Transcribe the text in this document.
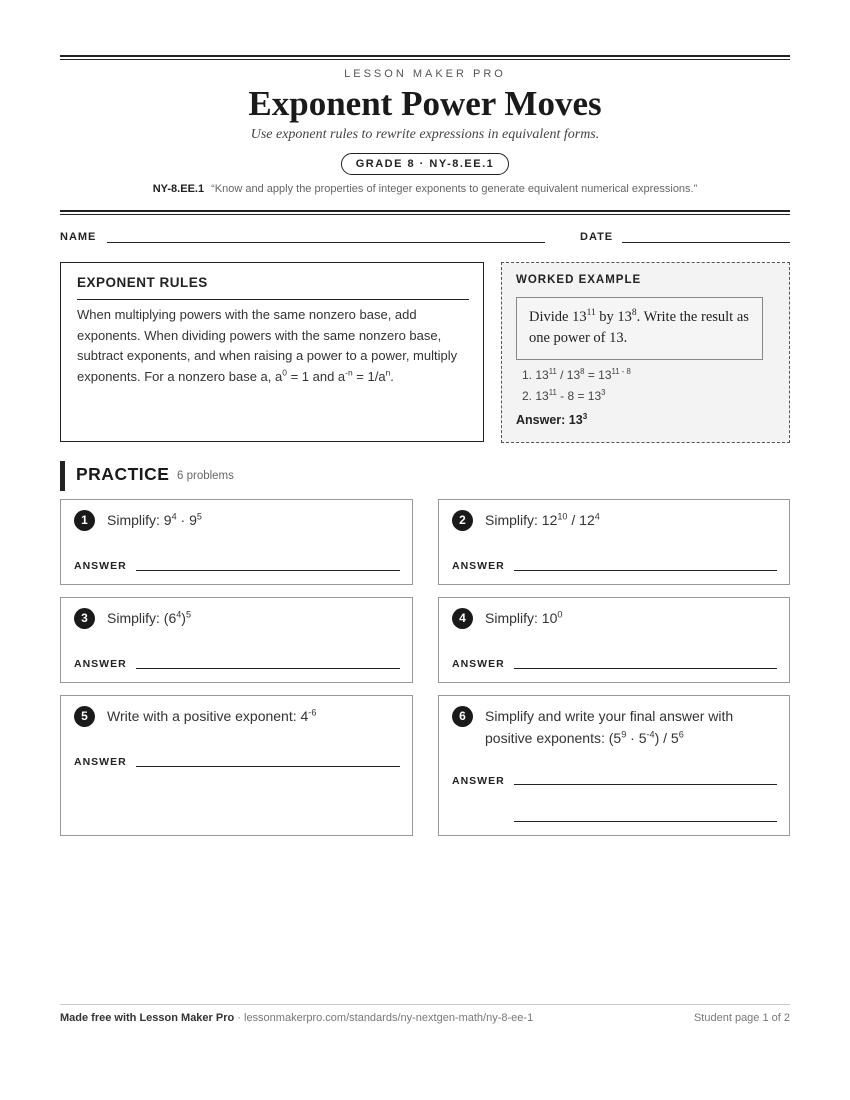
LESSON MAKER PRO
Exponent Power Moves
Use exponent rules to rewrite expressions in equivalent forms.
GRADE 8 · NY-8.EE.1
NY-8.EE.1 “Know and apply the properties of integer exponents to generate equivalent numerical expressions.”
NAME	DATE
EXPONENT RULES
When multiplying powers with the same nonzero base, add exponents. When dividing powers with the same nonzero base, subtract exponents, and when raising a power to a power, multiply exponents. For a nonzero base a, $a^0 = 1$ and $a^{-n} = 1/a^n$.
WORKED EXAMPLE
Divide $13^{11}$ by $13^8$. Write the result as one power of 13.
1. $13^{11} / 13^8 = 13^{11 - 8}$
2. $13^{11} - 8 = 13^3$
Answer: $13^3$
PRACTICE 6 problems
1	Simplify: $9^4 \cdot 9^5$
ANSWER
2	Simplify: $12^{10} / 12^4$
ANSWER
3	Simplify: $(6^4)^5$
ANSWER
4	Simplify: $10^0$
ANSWER
5	Write with a positive exponent: $4^{-6}$
ANSWER
6	Simplify and write your final answer with
positive exponents: $(5^9 \cdot 5^{-4}) / 5^6$
ANSWER
Made free with Lesson Maker Pro · lessonmakerpro.com/standards/ny-nextgen-math/ny-8-ee-1	Student page 1 of 2
